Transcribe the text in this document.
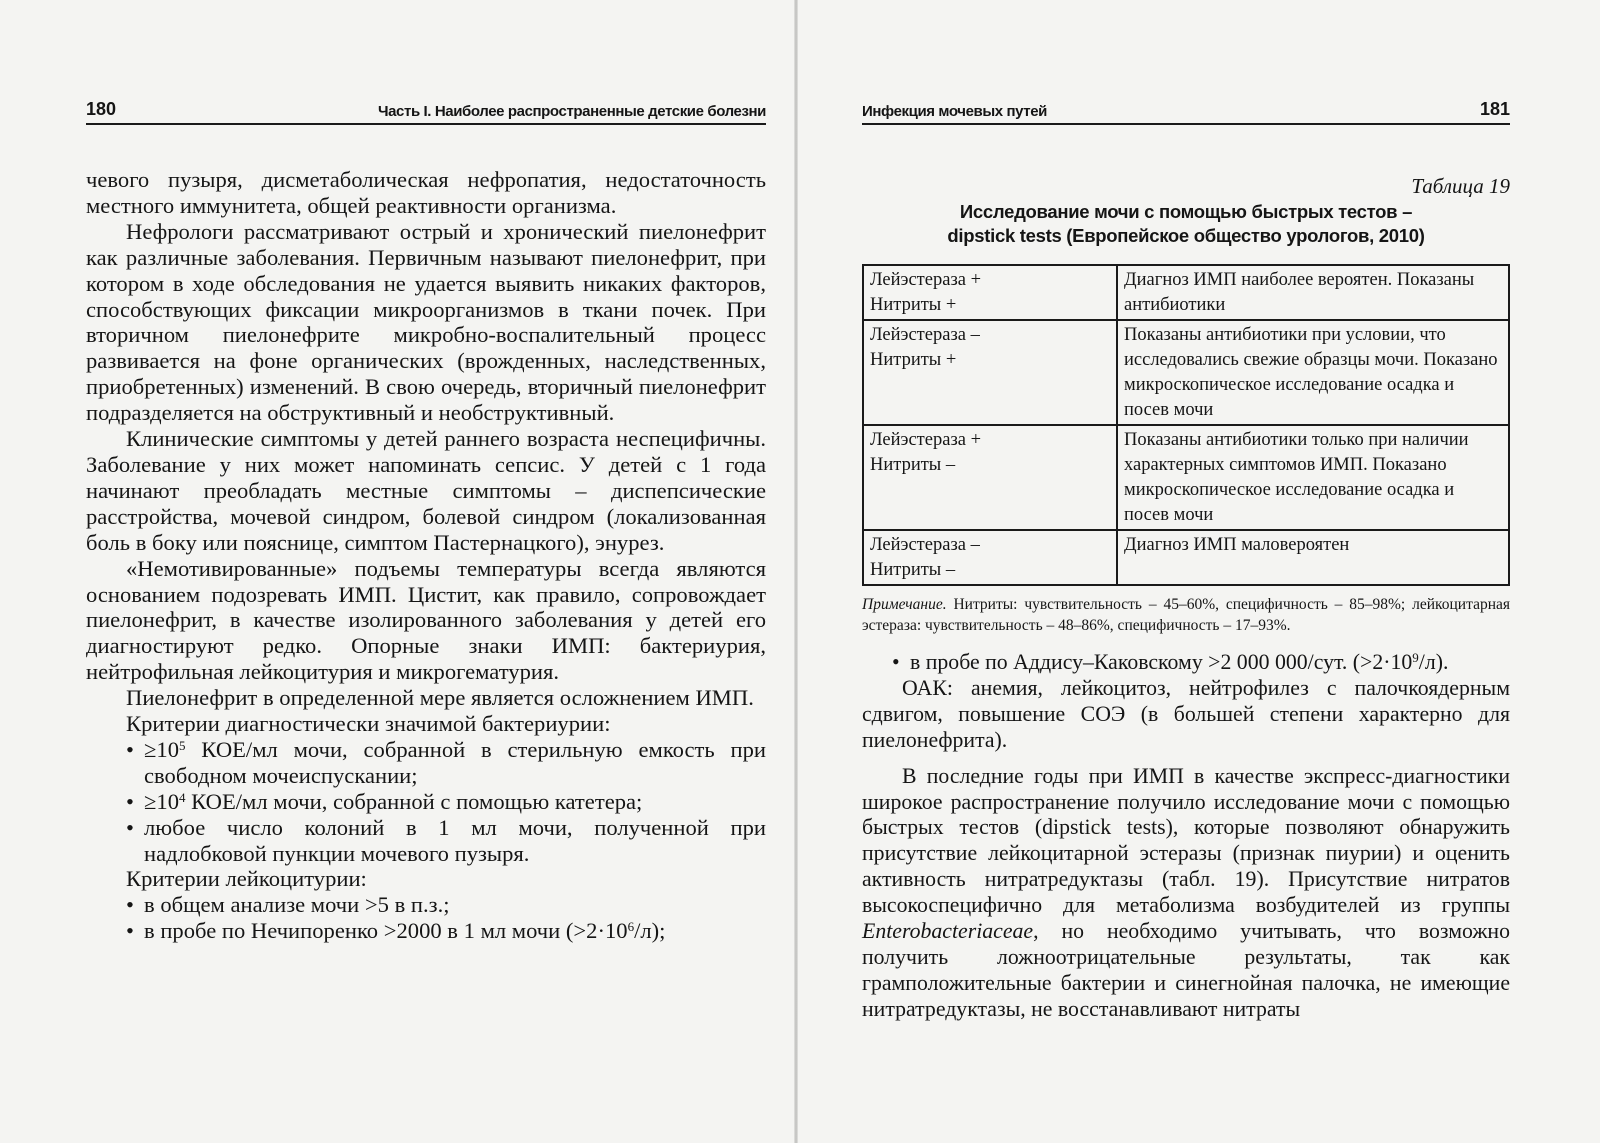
180	Часть I. Наиболее распространенные детские болезни

чевого пузыря, дисметаболическая нефропатия, недостаточность местного иммунитета, общей реактивности организма.

Нефрологи рассматривают острый и хронический пиелонефрит как различные заболевания. Первичным называют пиелонефрит, при котором в ходе обследования не удается выявить никаких факторов, способствующих фиксации микроорганизмов в ткани почек. При вторичном пиелонефрите микробно-воспалительный процесс развивается на фоне органических (врожденных, наследственных, приобретенных) изменений. В свою очередь, вторичный пиелонефрит подразделяется на обструктивный и необструктивный.

Клинические симптомы у детей раннего возраста неспецифичны. Заболевание у них может напоминать сепсис. У детей с 1 года начинают преобладать местные симптомы – диспепсические расстройства, мочевой синдром, болевой синдром (локализованная боль в боку или пояснице, симптом Пастернацкого), энурез.

«Немотивированные» подъемы температуры всегда являются основанием подозревать ИМП. Цистит, как правило, сопровождает пиелонефрит, в качестве изолированного заболевания у детей его диагностируют редко. Опорные знаки ИМП: бактериурия, нейтрофильная лейкоцитурия и микрогематурия.

Пиелонефрит в определенной мере является осложнением ИМП.

Критерии диагностически значимой бактериурии:

• $\ge 10^5$ КОЕ/мл мочи, собранной в стерильную емкость при свободном мочеиспускании;
• $\ge 10^4$ КОЕ/мл мочи, собранной с помощью катетера;
• любое число колоний в 1 мл мочи, полученной при надлобковой пункции мочевого пузыря.

Критерии лейкоцитурии:

• в общем анализе мочи >5 в п.з.;
• в пробе по Нечипоренко >2000 в 1 мл мочи $(>2\cdot 10^6/л)$;
Инфекция мочевых путей	181
Таблица 19
Исследование мочи с помощью быстрых тестов –
dipstick tests (Европейское общество урологов, 2010)
Лейэстераза +
Нитриты +	Диагноз ИМП наиболее вероятен. Показаны антибиотики

Лейэстераза –
Нитриты +	Показаны антибиотики при условии, что исследовались свежие образцы мочи. Показано микроскопическое исследование осадка и посев мочи

Лейэстераза +
Нитриты –	Показаны антибиотики только при наличии характерных симптомов ИМП. Показано микроскопическое исследование осадка и посев мочи

Лейэстераза –
Нитриты –	Диагноз ИМП маловероятен
Примечание. Нитриты: чувствительность – 45–60%, специфичность – 85–98%; лейкоцитарная эстераза: чувствительность – 48–86%, специфичность – 17–93%.
• в пробе по Аддису–Каковскому >2 000 000/сут. $(>2\cdot 10^9/л)$.

ОАК: анемия, лейкоцитоз, нейтрофилез с палочкоядерным сдвигом, повышение СОЭ (в большей степени характерно для пиелонефрита).

В последние годы при ИМП в качестве экспресс-диагностики широкое распространение получило исследование мочи с помощью быстрых тестов (dipstick tests), которые позволяют обнаружить присутствие лейкоцитарной эстеразы (признак пиурии) и оценить активность нитратредуктазы (табл. 19). Присутствие нитратов высокоспецифично для метаболизма возбудителей из группы Enterobacteriaceae, но необходимо учитывать, что возможно получить ложноотрицательные результаты, так как грамположительные бактерии и синегнойная палочка, не имеющие нитратредуктазы, не восстанавливают нитраты
